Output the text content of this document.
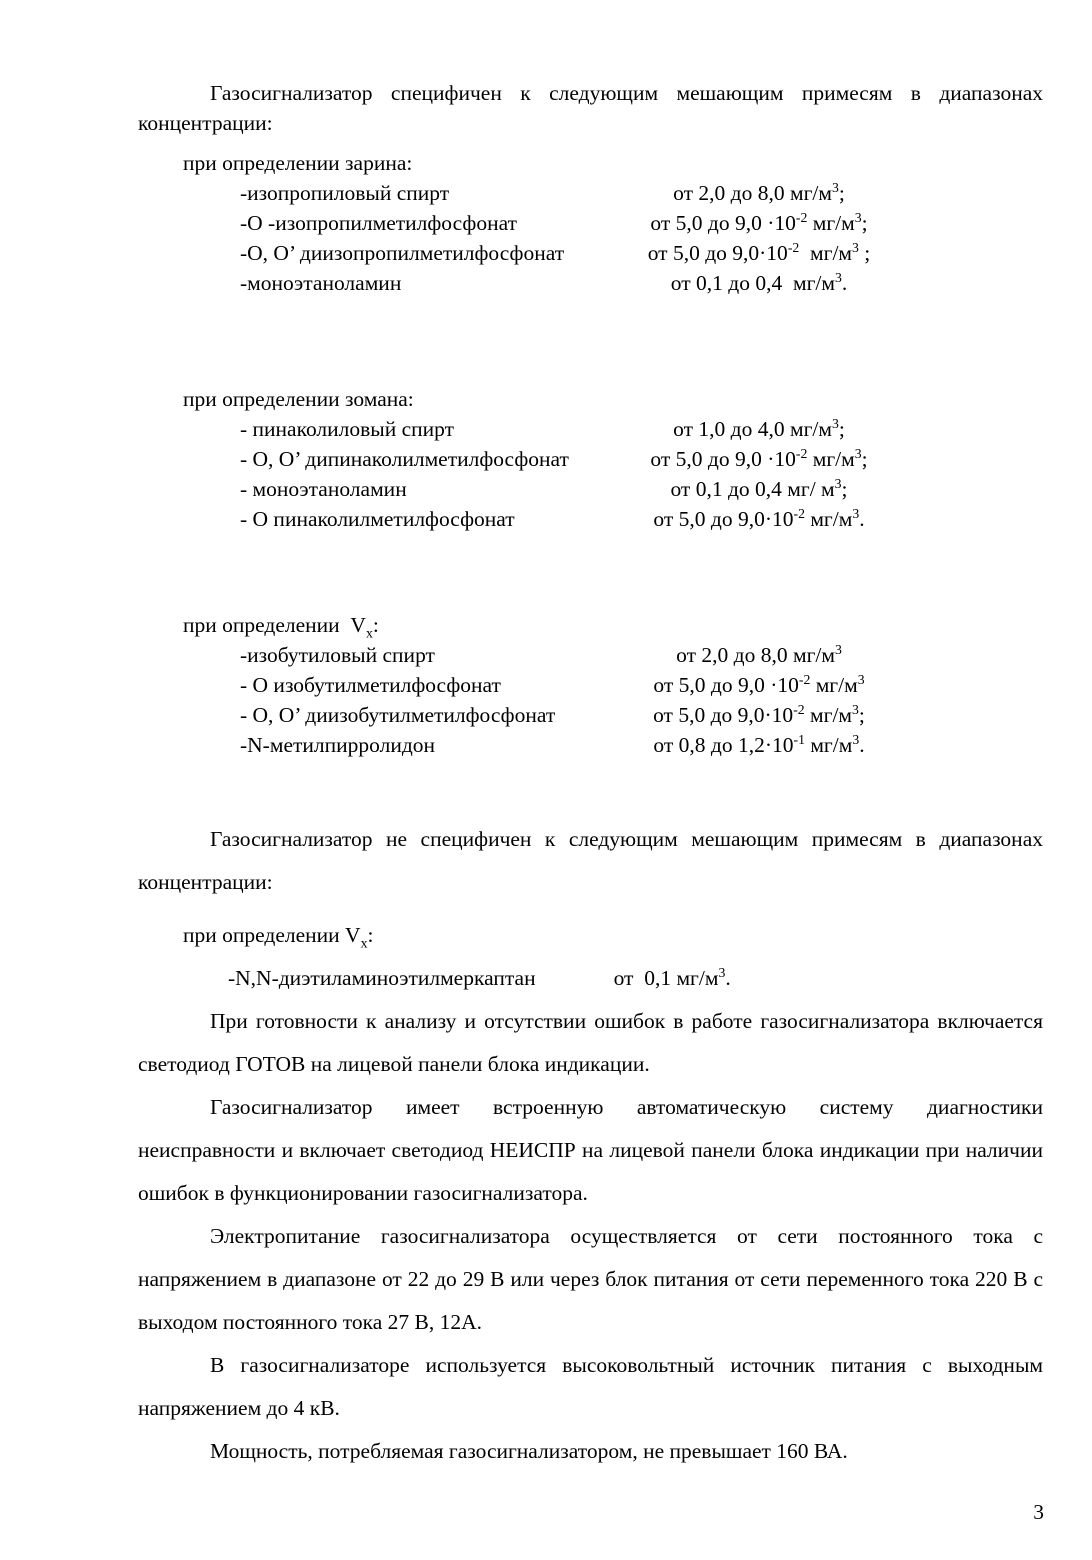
Газосигнализатор специфичен к следующим мешающим примесям в диапазонах концентрации:

при определении зарина:
-изопропиловый спирт	от 2,0 до 8,0 $мг/м^3$;
-О -изопропилметилфосфонат	от 5,0 до $9,0 \cdot 10^{-2}$ $мг/м^3$;
-О, О’ диизопропилметилфосфонат	от 5,0 до $9,0\cdot 10^{-2}$  $мг/м^3$ ;
-моноэтаноламин	от 0,1 до 0,4  $мг/м^3$.
при определении зомана:
- пинаколиловый спирт	от 1,0 до 4,0 $мг/м^3$;
- О, О’ дипинаколилметилфосфонат	от 5,0 до $9,0 \cdot 10^{-2}$ $мг/м^3$;
- моноэтаноламин	от 0,1 до 0,4 мг/ $м^3$;
- О пинаколилметилфосфонат	от 5,0 до $9,0\cdot 10^{-2}$ $мг/м^3$.
при определении  $V_x$:
-изобутиловый спирт	от 2,0 до 8,0 $мг/м^3$
- О изобутилметилфосфонат	от 5,0 до $9,0 \cdot 10^{-2}$ $мг/м^3$
- О, О’ диизобутилметилфосфонат	от 5,0 до $9,0\cdot 10^{-2}$ $мг/м^3$;
-N-метилпирролидон	от 0,8 до $1,2\cdot 10^{-1}$ $мг/м^3$.

Газосигнализатор не специфичен к следующим мешающим примесям в диапазонах концентрации:

при определении $V_x$:
-N,N-диэтиламиноэтилмеркаптан	от  0,1 $мг/м^3$.

При готовности к анализу и отсутствии ошибок в работе газосигнализатора включается светодиод ГОТОВ на лицевой панели блока индикации.

Газосигнализатор имеет встроенную автоматическую систему диагностики неисправности и включает светодиод НЕИСПР на лицевой панели блока индикации при наличии ошибок в функционировании газосигнализатора.

Электропитание газосигнализатора осуществляется от сети постоянного тока с напряжением в диапазоне от 22 до 29 В или через блок питания от сети переменного тока 220 В с выходом постоянного тока 27 В, 12А.

В газосигнализаторе используется высоковольтный источник питания с выходным напряжением до 4 кВ.

Мощность, потребляемая газосигнализатором, не превышает 160 ВА.

3
